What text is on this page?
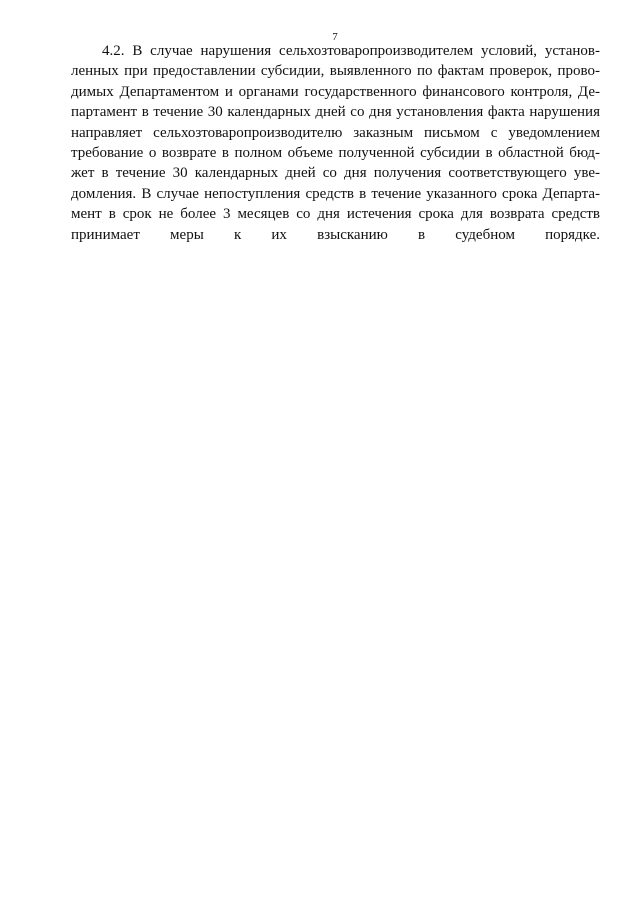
7
4.2. В случае нарушения сельхозтоваропроизводителем условий, установ-
ленных при предоставлении субсидии, выявленного по фактам проверок, прово-
димых Департаментом и органами государственного финансового контроля, Де-
партамент в течение 30 календарных дней со дня установления факта нарушения
направляет сельхозтоваропроизводителю заказным письмом с уведомлением
требование о возврате в полном объеме полученной субсидии в областной бюд-
жет в течение 30 календарных дней со дня получения соответствующего уве-
домления. В случае непоступления средств в течение указанного срока Департа-
мент в срок не более 3 месяцев со дня истечения срока для возврата средств
принимает меры к их взысканию в судебном порядке.
